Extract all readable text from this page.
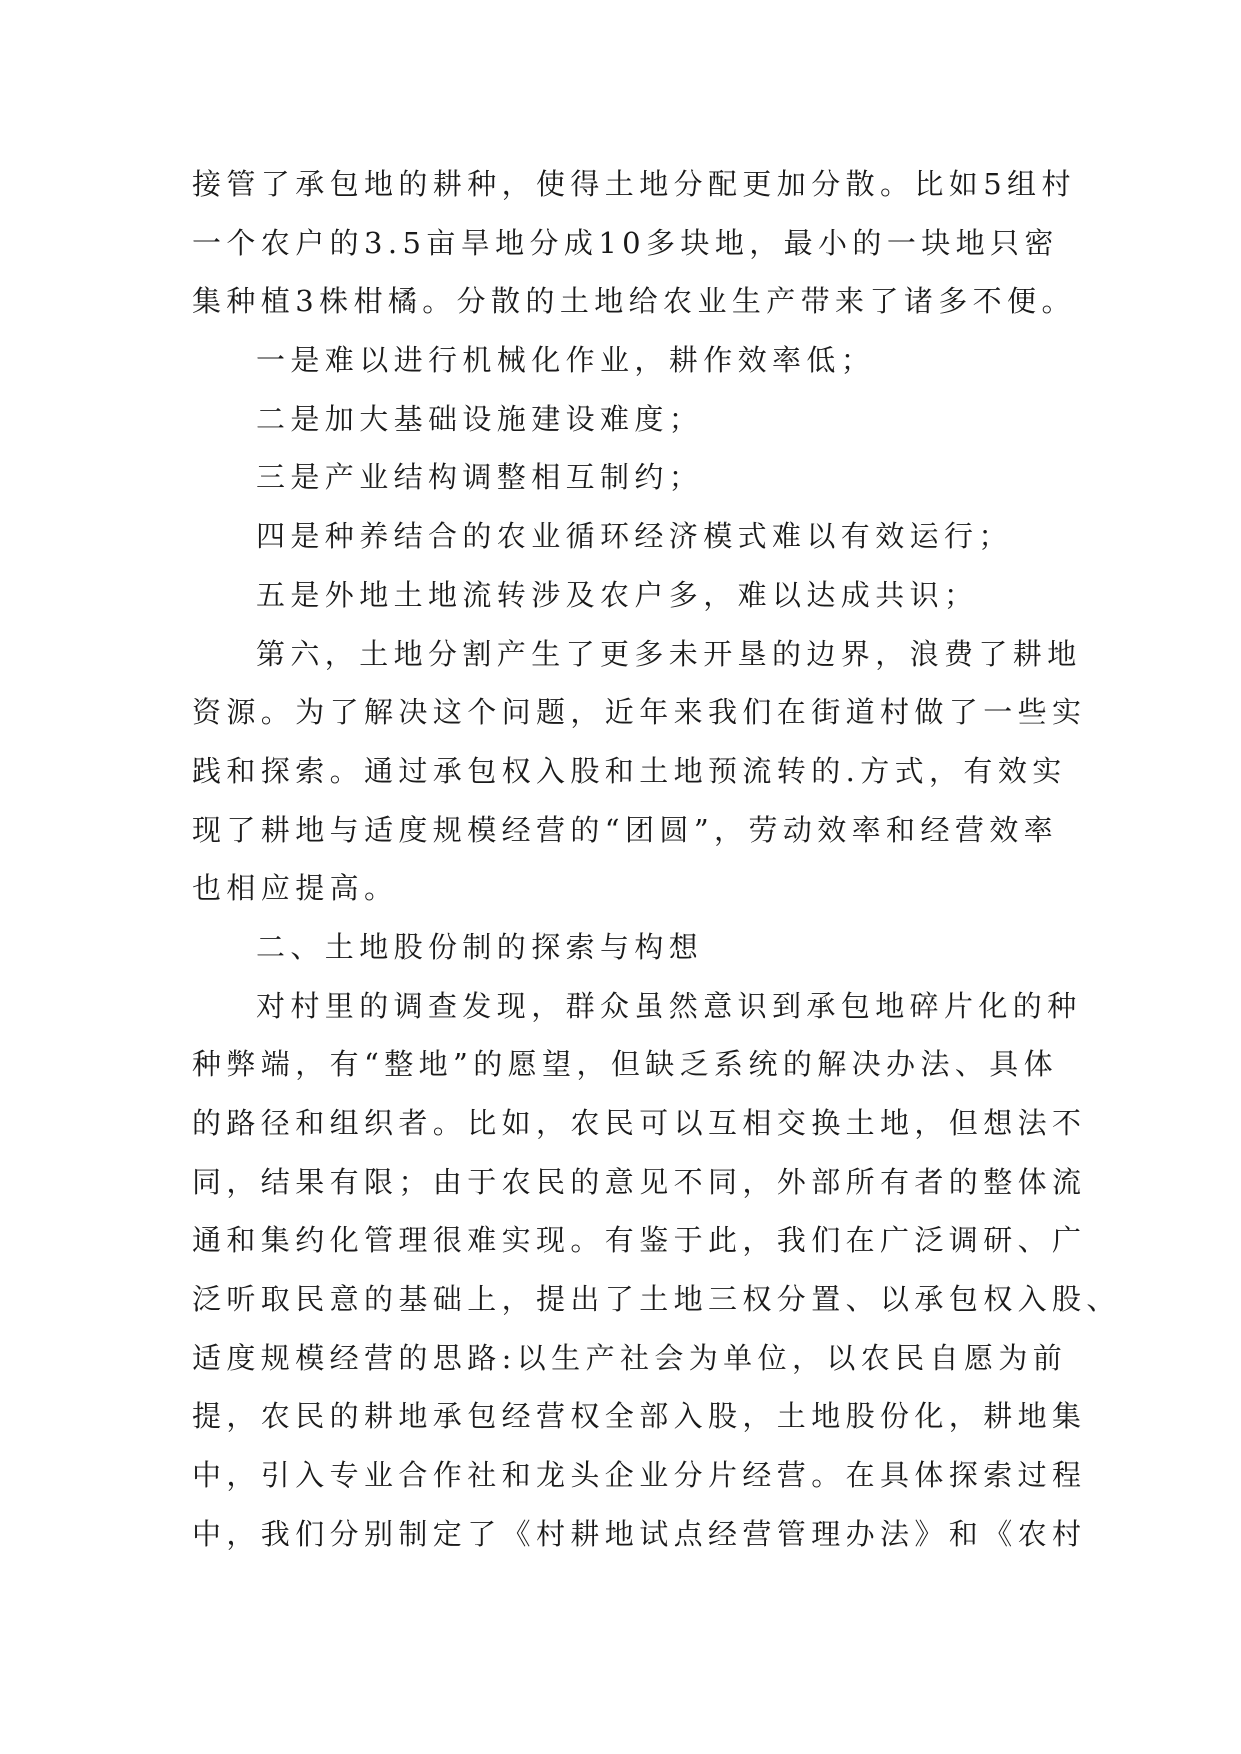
接管了承包地的耕种，使得土地分配更加分散。比如5组村
一个农户的3.5亩旱地分成10多块地，最小的一块地只密
集种植3株柑橘。分散的土地给农业生产带来了诸多不便。
一是难以进行机械化作业，耕作效率低；
二是加大基础设施建设难度；
三是产业结构调整相互制约；
四是种养结合的农业循环经济模式难以有效运行；
五是外地土地流转涉及农户多，难以达成共识；
第六，土地分割产生了更多未开垦的边界，浪费了耕地
资源。为了解决这个问题，近年来我们在街道村做了一些实
践和探索。通过承包权入股和土地预流转的.方式，有效实
现了耕地与适度规模经营的“团圆”，劳动效率和经营效率
也相应提高。
二、土地股份制的探索与构想
对村里的调查发现，群众虽然意识到承包地碎片化的种
种弊端，有“整地”的愿望，但缺乏系统的解决办法、具体
的路径和组织者。比如，农民可以互相交换土地，但想法不
同，结果有限；由于农民的意见不同，外部所有者的整体流
通和集约化管理很难实现。有鉴于此，我们在广泛调研、广
泛听取民意的基础上，提出了土地三权分置、以承包权入股、
适度规模经营的思路:以生产社会为单位，以农民自愿为前
提，农民的耕地承包经营权全部入股，土地股份化，耕地集
中，引入专业合作社和龙头企业分片经营。在具体探索过程
中，我们分别制定了《村耕地试点经营管理办法》和《农村
